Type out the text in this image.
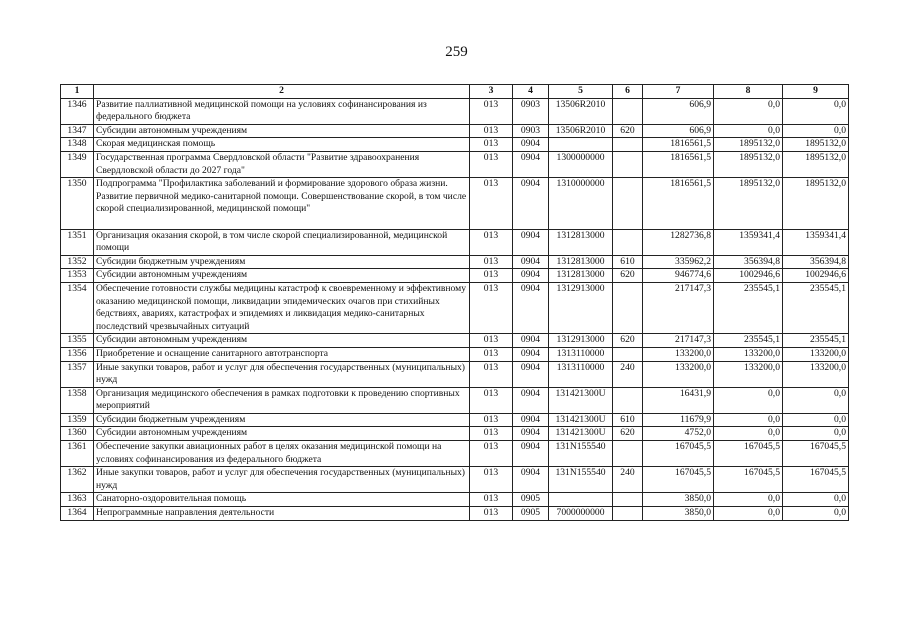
259
1	2	3	4	5	6	7	8	9
1346	Развитие паллиативной медицинской помощи на условиях софинансирования из федерального бюджета	013	0903	13506R2010		606,9	0,0	0,0
1347	Субсидии автономным учреждениям	013	0903	13506R2010	620	606,9	0,0	0,0
1348	Скорая медицинская помощь	013	0904			1816561,5	1895132,0	1895132,0
1349	Государственная программа Свердловской области "Развитие здравоохранения Свердловской области до 2027 года"	013	0904	1300000000		1816561,5	1895132,0	1895132,0
1350	Подпрограмма "Профилактика заболеваний и формирование здорового образа жизни. Развитие первичной медико-санитарной помощи. Совершенствование скорой, в том числе скорой специализированной, медицинской помощи"	013	0904	1310000000		1816561,5	1895132,0	1895132,0
1351	Организация оказания скорой, в том числе скорой специализированной, медицинской помощи	013	0904	1312813000		1282736,8	1359341,4	1359341,4
1352	Субсидии бюджетным учреждениям	013	0904	1312813000	610	335962,2	356394,8	356394,8
1353	Субсидии автономным учреждениям	013	0904	1312813000	620	946774,6	1002946,6	1002946,6
1354	Обеспечение готовности службы медицины катастроф к своевременному и эффективному оказанию медицинской помощи, ликвидации эпидемических очагов при стихийных бедствиях, авариях, катастрофах и эпидемиях и ликвидация медико-санитарных последствий чрезвычайных ситуаций	013	0904	1312913000		217147,3	235545,1	235545,1
1355	Субсидии автономным учреждениям	013	0904	1312913000	620	217147,3	235545,1	235545,1
1356	Приобретение и оснащение санитарного автотранспорта	013	0904	1313110000		133200,0	133200,0	133200,0
1357	Иные закупки товаров, работ и услуг для обеспечения государственных (муниципальных) нужд	013	0904	1313110000	240	133200,0	133200,0	133200,0
1358	Организация медицинского обеспечения в рамках подготовки к проведению спортивных мероприятий	013	0904	131421300U		16431,9	0,0	0,0
1359	Субсидии бюджетным учреждениям	013	0904	131421300U	610	11679,9	0,0	0,0
1360	Субсидии автономным учреждениям	013	0904	131421300U	620	4752,0	0,0	0,0
1361	Обеспечение закупки авиационных работ в целях оказания медицинской помощи на условиях софинансирования из федерального бюджета	013	0904	131N155540		167045,5	167045,5	167045,5
1362	Иные закупки товаров, работ и услуг для обеспечения государственных (муниципальных) нужд	013	0904	131N155540	240	167045,5	167045,5	167045,5
1363	Санаторно-оздоровительная помощь	013	0905			3850,0	0,0	0,0
1364	Непрограммные направления деятельности	013	0905	7000000000		3850,0	0,0	0,0
